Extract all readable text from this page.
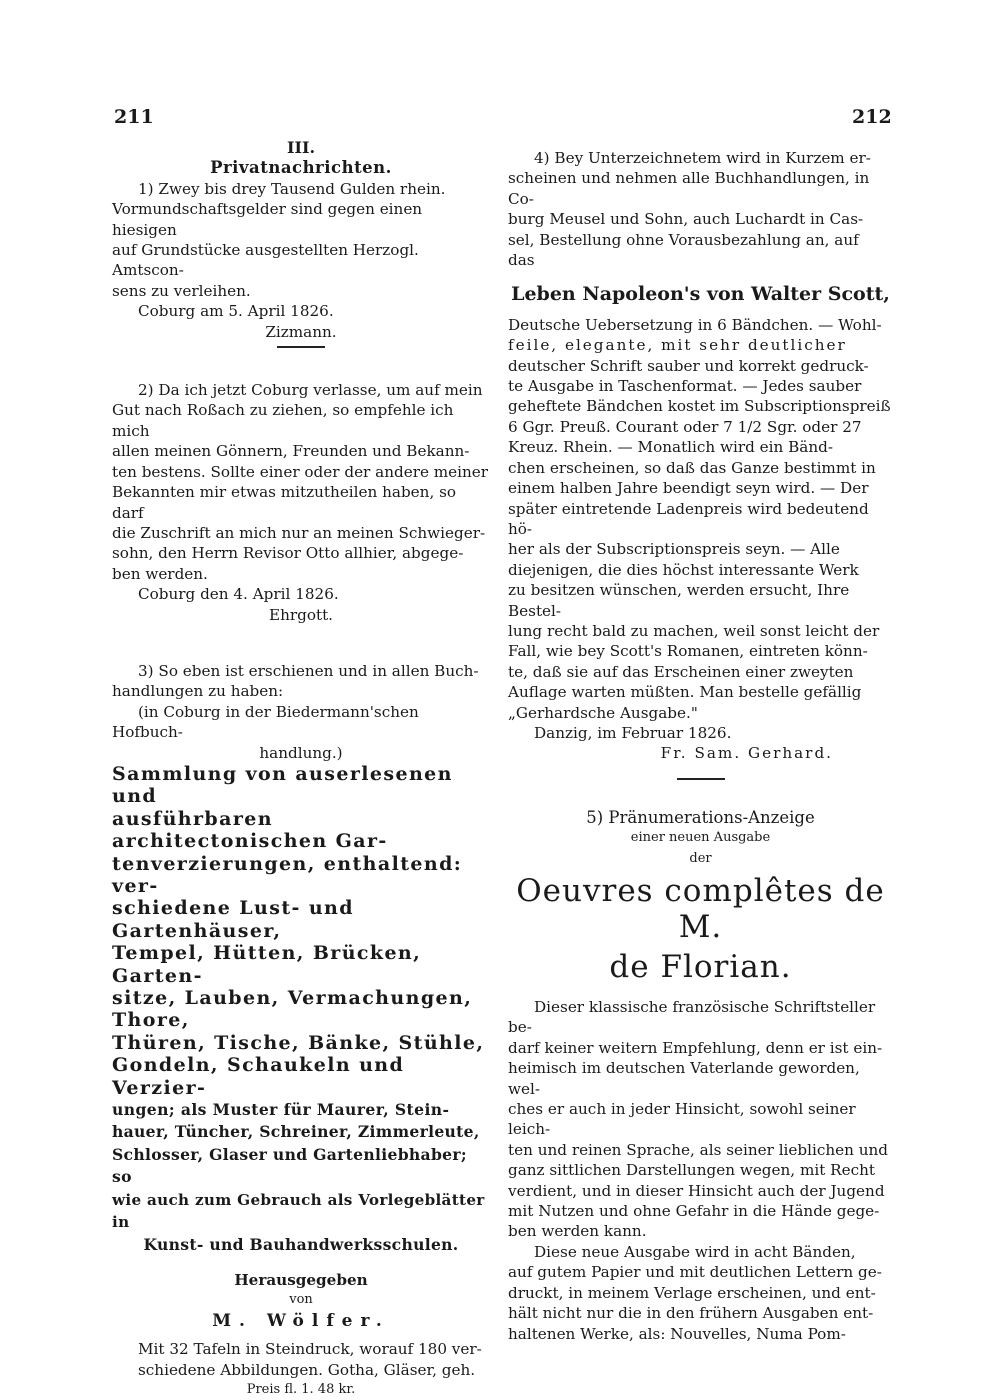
211	212

III.

Privatnachrichten.

1) Zwey bis drey Tausend Gulden rhein.

Vormundschaftsgelder sind gegen einen hiesigen

auf Grundstücke ausgestellten Herzogl. Amtscon-

sens zu verleihen.

Coburg am 5. April 1826.

Zizmann.

2) Da ich jetzt Coburg verlasse, um auf mein

Gut nach Roßach zu ziehen, so empfehle ich mich

allen meinen Gönnern, Freunden und Bekann-

ten bestens. Sollte einer oder der andere meiner

Bekannten mir etwas mitzutheilen haben, so darf

die Zuschrift an mich nur an meinen Schwieger-

sohn, den Herrn Revisor Otto allhier, abgege-

ben werden.

Coburg den 4. April 1826.

Ehrgott.

3) So eben ist erschienen und in allen Buch-

handlungen zu haben:

(in Coburg in der Biedermann'schen Hofbuch-

handlung.)

Sammlung von auserlesenen und

ausführbaren architectonischen Gar-

tenverzierungen, enthaltend: ver-

schiedene Lust- und Gartenhäuser,

Tempel, Hütten, Brücken, Garten-

sitze, Lauben, Vermachungen, Thore,

Thüren, Tische, Bänke, Stühle,

Gondeln, Schaukeln und Verzier-

ungen; als Muster für Maurer, Stein-

hauer, Tüncher, Schreiner, Zimmerleute,

Schlosser, Glaser und Gartenliebhaber; so

wie auch zum Gebrauch als Vorlegeblätter in

Kunst- und Bauhandwerksschulen.

Herausgegeben

von

M. Wölfer.

Mit 32 Tafeln in Steindruck, worauf 180 ver-

schiedene Abbildungen. Gotha, Gläser, geh.

Preis fl. 1. 48 kr.

4) Bey Unterzeichnetem wird in Kurzem er-

scheinen und nehmen alle Buchhandlungen, in Co-

burg Meusel und Sohn, auch Luchardt in Cas-

sel, Bestellung ohne Vorausbezahlung an, auf

das

Leben Napoleon's von Walter Scott,

Deutsche Uebersetzung in 6 Bändchen. — Wohl-

feile, elegante, mit sehr deutlicher

deutscher Schrift sauber und korrekt gedruck-

te Ausgabe in Taschenformat. — Jedes sauber

geheftete Bändchen kostet im Subscriptionspreiß

6 Ggr. Preuß. Courant oder 7 1/2 Sgr. oder 27

Kreuz. Rhein. — Monatlich wird ein Bänd-

chen erscheinen, so daß das Ganze bestimmt in

einem halben Jahre beendigt seyn wird. — Der

später eintretende Ladenpreis wird bedeutend hö-

her als der Subscriptionspreis seyn. — Alle

diejenigen, die dies höchst interessante Werk

zu besitzen wünschen, werden ersucht, Ihre Bestel-

lung recht bald zu machen, weil sonst leicht der

Fall, wie bey Scott's Romanen, eintreten könn-

te, daß sie auf das Erscheinen einer zweyten

Auflage warten müßten. Man bestelle gefällig

„Gerhardsche Ausgabe."

Danzig, im Februar 1826.

Fr. Sam. Gerhard.

5) Pränumerations-Anzeige

einer neuen Ausgabe

der

Oeuvres complêtes de M.

de Florian.

Dieser klassische französische Schriftsteller be-

darf keiner weitern Empfehlung, denn er ist ein-

heimisch im deutschen Vaterlande geworden, wel-

ches er auch in jeder Hinsicht, sowohl seiner leich-

ten und reinen Sprache, als seiner lieblichen und

ganz sittlichen Darstellungen wegen, mit Recht

verdient, und in dieser Hinsicht auch der Jugend

mit Nutzen und ohne Gefahr in die Hände gege-

ben werden kann.

Diese neue Ausgabe wird in acht Bänden,

auf gutem Papier und mit deutlichen Lettern ge-

druckt, in meinem Verlage erscheinen, und ent-

hält nicht nur die in den frühern Ausgaben ent-

haltenen Werke, als: Nouvelles, Numa Pom-
